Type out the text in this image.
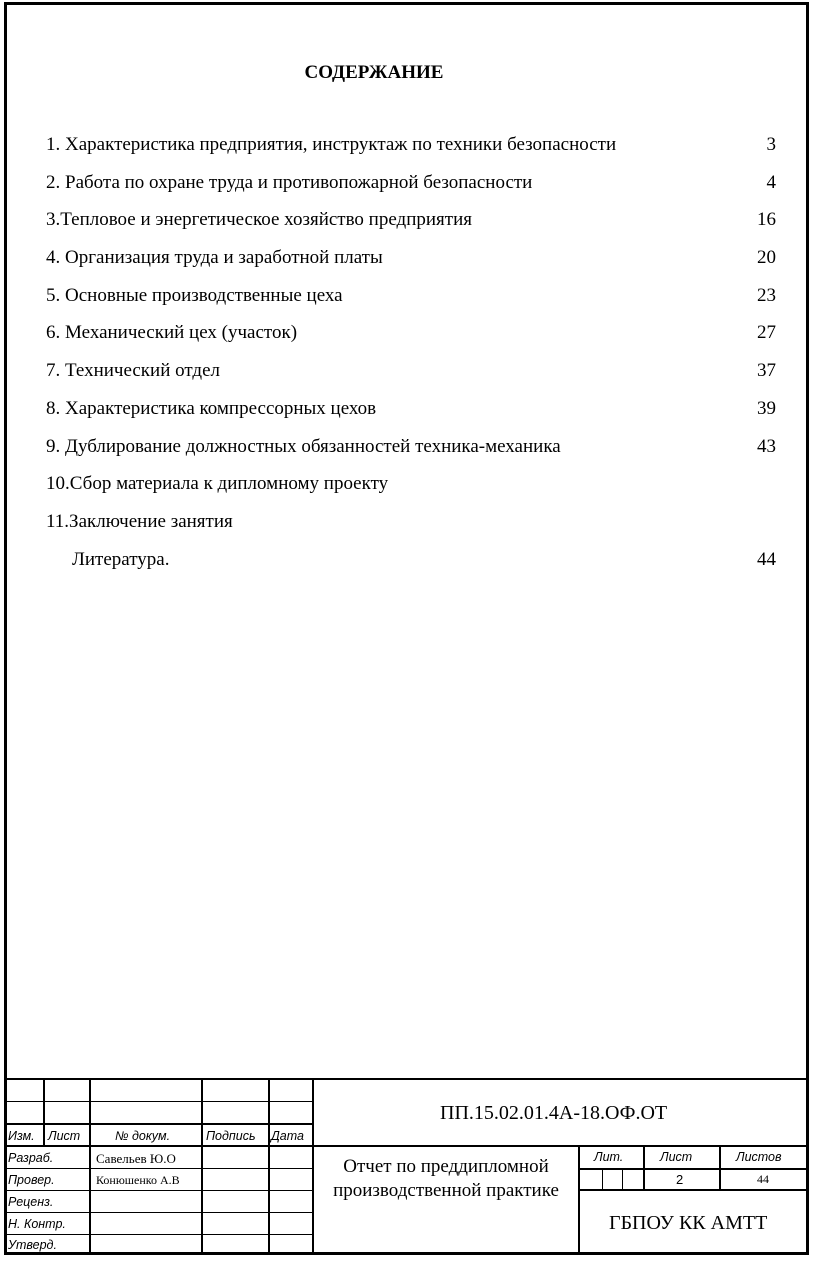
СОДЕРЖАНИЕ
1. Характеристика предприятия, инструктаж по техники безопасности	3
2. Работа по охране труда и противопожарной безопасности	4
3.Тепловое и энергетическое хозяйство предприятия	16
4. Организация труда и заработной платы	20
5. Основные производственные цеха	23
6. Механический цех (участок)	27
7. Технический отдел	37
8. Характеристика компрессорных цехов	39
9. Дублирование должностных обязанностей техника-механика	43
10.Сбор материала к дипломному проекту
11.Заключение занятия
Литература.	44
ПП.15.02.01.4А-18.ОФ.ОТ
Изм. Лист	№ докум.	Подпись Дата
Разраб.	Савельев Ю.О
Провер.	Конюшенко А.В
Реценз.
Н. Контр.
Утверд.
Отчет по преддипломной производственной практике
Лит.	Лист	Листов
2	44
ГБПОУ КК АМТТ
